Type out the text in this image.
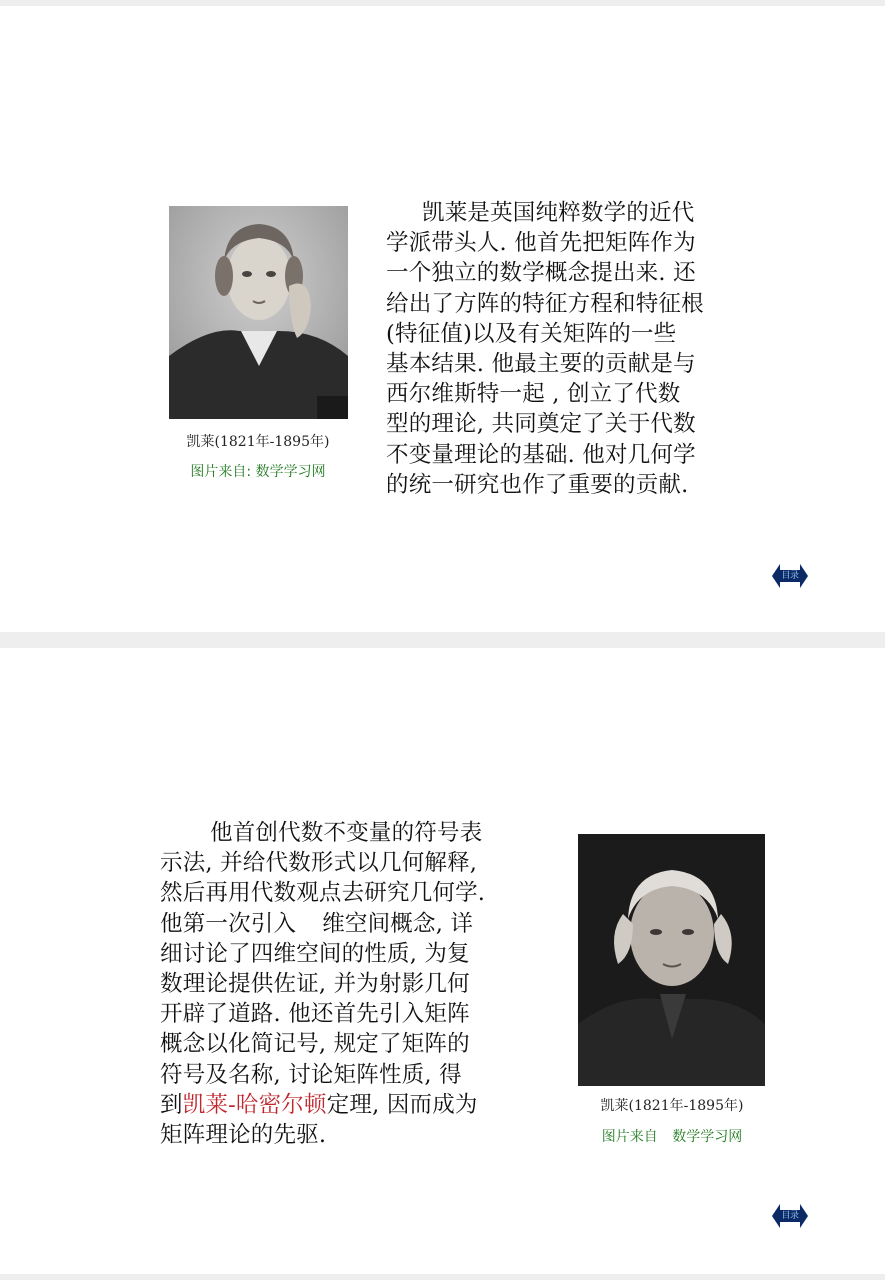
凯莱(1821年-1895年)
图片来自: 数学学习网
凯莱是英国纯粹数学的近代
学派带头人. 他首先把矩阵作为
一个独立的数学概念提出来. 还
给出了方阵的特征方程和特征根
(特征值)以及有关矩阵的一些
基本结果. 他最主要的贡献是与
西尔维斯特一起 , 创立了代数
型的理论, 共同奠定了关于代数
不变量理论的基础. 他对几何学
的统一研究也作了重要的贡献.
目录
他首创代数不变量的符号表
示法, 并给代数形式以几何解释,
然后再用代数观点去研究几何学.
他第一次引入 维空间概念, 详
细讨论了四维空间的性质, 为复
数理论提供佐证, 并为射影几何
开辟了道路. 他还首先引入矩阵
概念以化简记号, 规定了矩阵的
符号及名称, 讨论矩阵性质, 得
到凯莱-哈密尔顿定理, 因而成为
矩阵理论的先驱.
凯莱(1821年-1895年)
图片来自 数学学习网
目录
